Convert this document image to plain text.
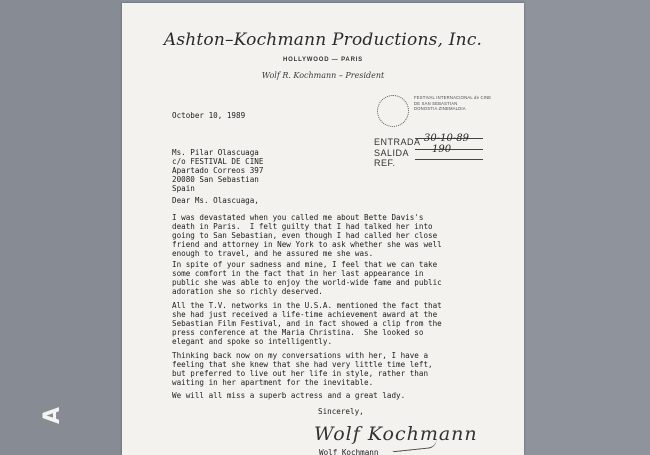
A
Ashton–Kochmann Productions, Inc.
HOLLYWOOD — PARIS
Wolf R. Kochmann – President
FESTIVAL INTERNACIONAL de CINE
DE SAN SEBASTIAN
DONOSTIA ZINEMALDIA
ENTRADA 30-10-89
SALIDA 190
REF.
October 10, 1989
Ms. Pilar Olascuaga
c/o FESTIVAL DE CINE
Apartado Correos 397
20080 San Sebastian
Spain
Dear Ms. Olascuaga,
I was devastated when you called me about Bette Davis's
death in Paris.  I felt guilty that I had talked her into
going to San Sebastian, even though I had called her close
friend and attorney in New York to ask whether she was well
enough to travel, and he assured me she was.
In spite of your sadness and mine, I feel that we can take
some comfort in the fact that in her last appearance in
public she was able to enjoy the world-wide fame and public
adoration she so richly deserved.
All the T.V. networks in the U.S.A. mentioned the fact that
she had just received a life-time achievement award at the
Sebastian Film Festival, and in fact showed a clip from the
press conference at the Maria Christina.  She looked so
elegant and spoke so intelligently.
Thinking back now on my conversations with her, I have a
feeling that she knew that she had very little time left,
but preferred to live out her life in style, rather than
waiting in her apartment for the inevitable.
We will all miss a superb actress and a great lady.
Sincerely,
Wolf Kochmann
Wolf Kochmann
